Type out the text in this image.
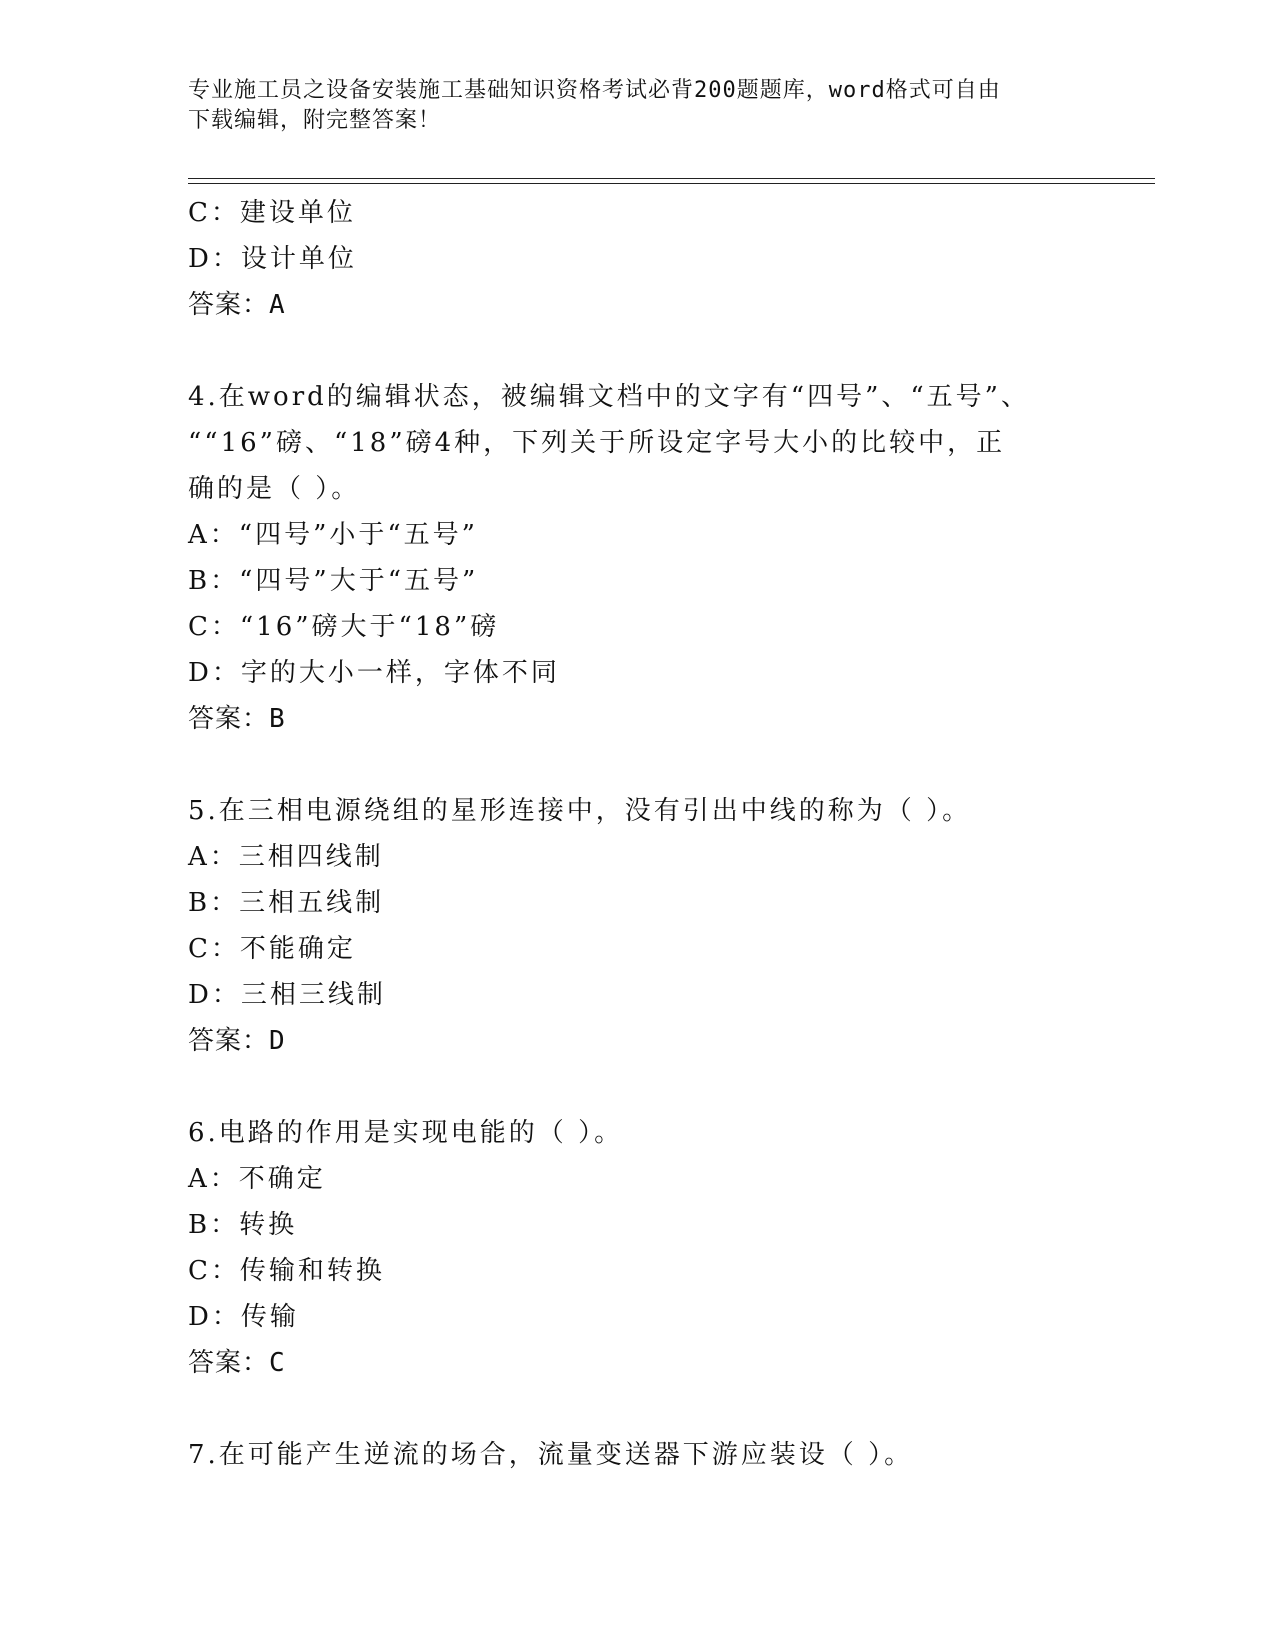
专业施工员之设备安装施工基础知识资格考试必背200题题库，word格式可自由
下载编辑，附完整答案！
C：建设单位
D：设计单位
答案：A
4.在word的编辑状态，被编辑文档中的文字有“四号”、“五号”、
““16”磅、“18”磅4种，下列关于所设定字号大小的比较中，正
确的是（ ）。
A：“四号”小于“五号”
B：“四号”大于“五号”
C：“16”磅大于“18”磅
D：字的大小一样，字体不同
答案：B
5.在三相电源绕组的星形连接中，没有引出中线的称为（ ）。
A：三相四线制
B：三相五线制
C：不能确定
D：三相三线制
答案：D
6.电路的作用是实现电能的（ ）。
A：不确定
B：转换
C：传输和转换
D：传输
答案：C
7.在可能产生逆流的场合，流量变送器下游应装设（ ）。
